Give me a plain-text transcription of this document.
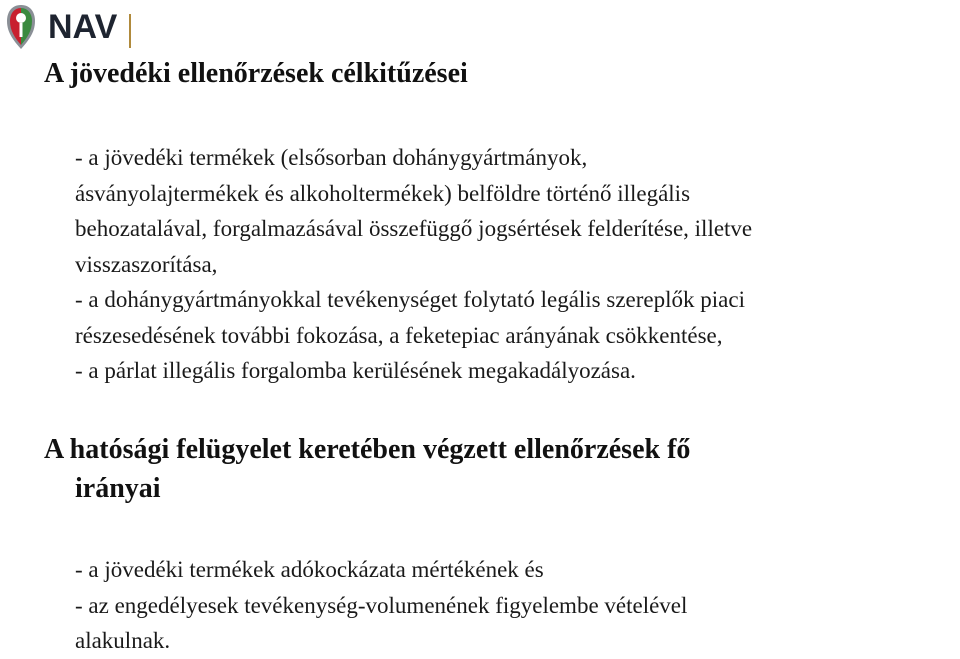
NAV
A jövedéki ellenőrzések célkitűzései

- a jövedéki termékek (elsősorban dohánygyártmányok,
ásványolajtermékek és alkoholtermékek) belföldre történő illegális
behozatalával, forgalmazásával összefüggő jogsértések felderítése, illetve
visszaszorítása,
- a dohánygyártmányokkal tevékenységet folytató legális szereplők piaci
részesedésének további fokozása, a feketepiac arányának csökkentése,
- a párlat illegális forgalomba kerülésének megakadályozása.

A hatósági felügyelet keretében végzett ellenőrzések fő
irányai

- a jövedéki termékek adókockázata mértékének és
- az engedélyesek tevékenység-volumenének figyelembe vételével
alakulnak.
